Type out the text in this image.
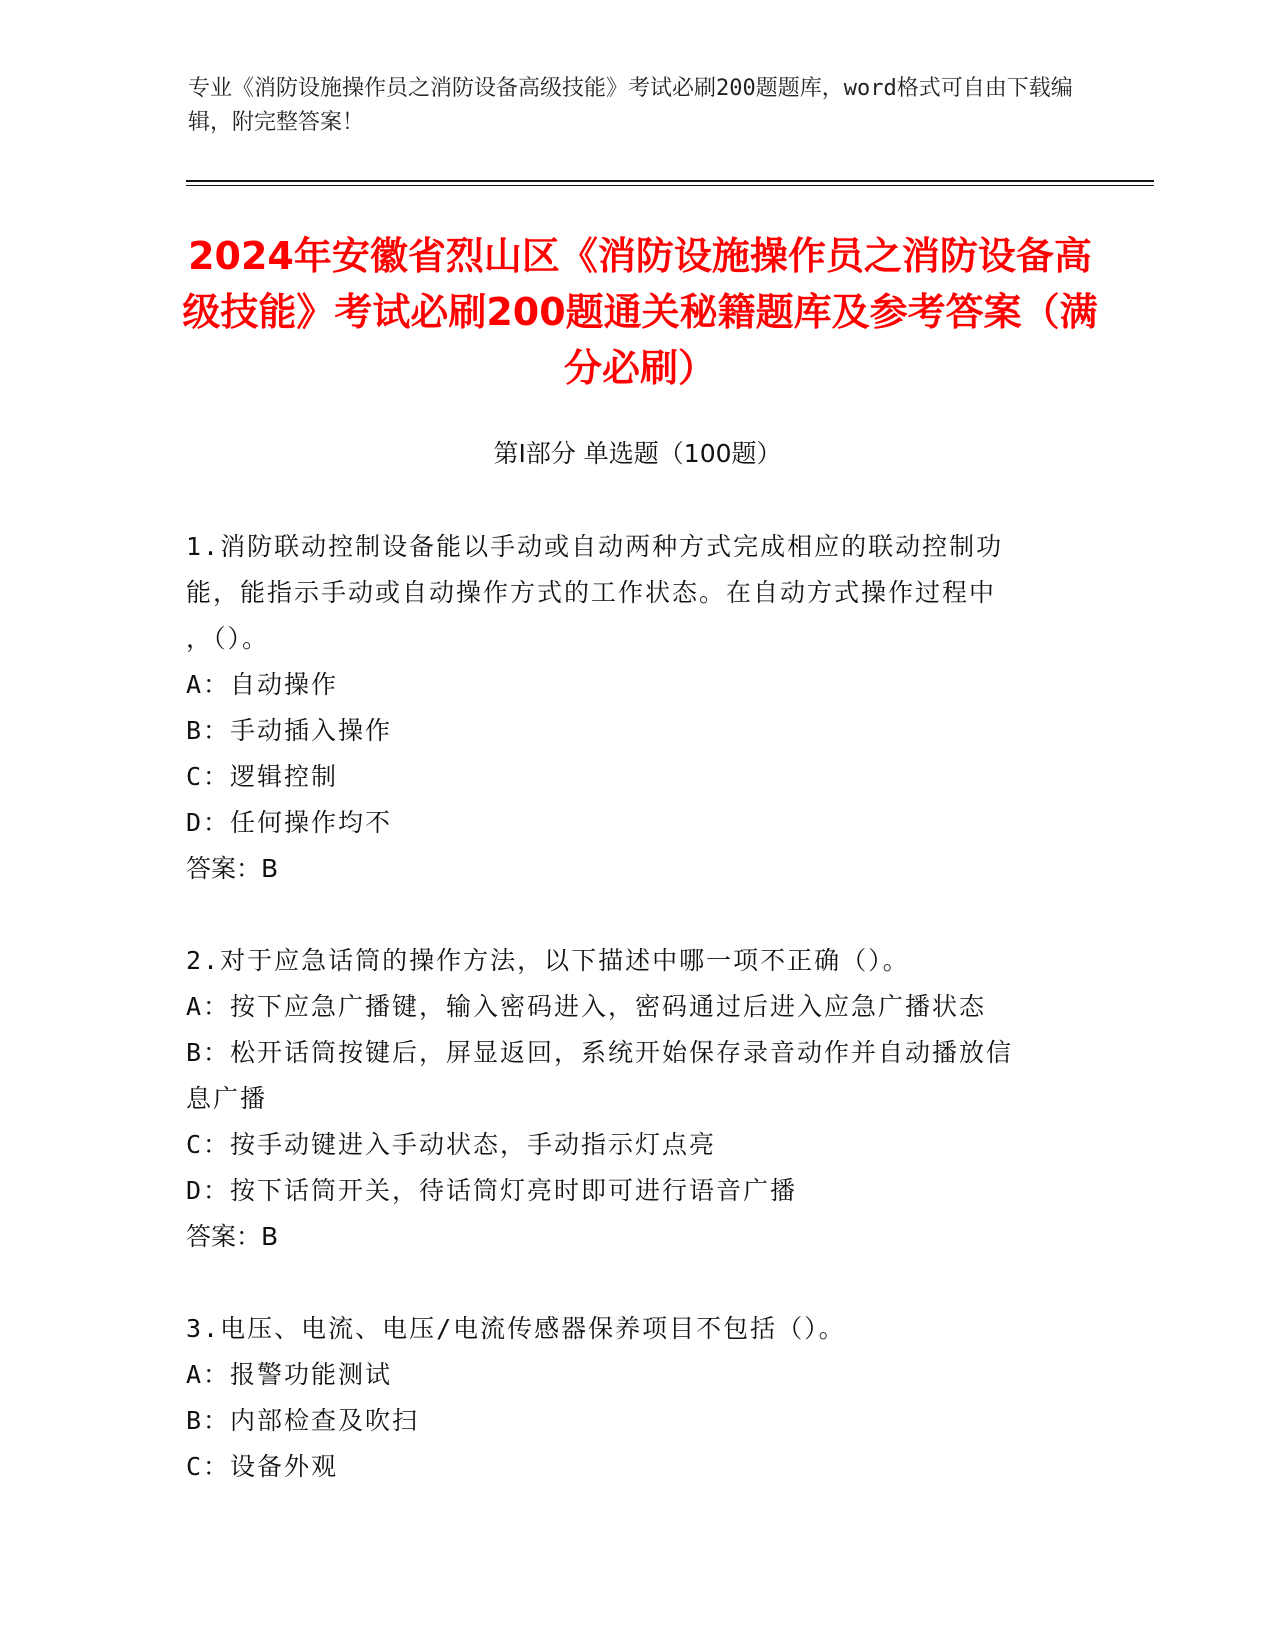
专业《消防设施操作员之消防设备高级技能》考试必刷200题题库，word格式可自由下载编辑，附完整答案！
2024年安徽省烈山区《消防设施操作员之消防设备高级技能》考试必刷200题通关秘籍题库及参考答案（满分必刷）
第I部分 单选题（100题）
1.消防联动控制设备能以手动或自动两种方式完成相应的联动控制功
能，能指示手动或自动操作方式的工作状态。在自动方式操作过程中
，（）。
A：自动操作
B：手动插入操作
C：逻辑控制
D：任何操作均不
答案：B
2.对于应急话筒的操作方法，以下描述中哪一项不正确（）。
A：按下应急广播键，输入密码进入，密码通过后进入应急广播状态
B：松开话筒按键后，屏显返回，系统开始保存录音动作并自动播放信
息广播
C：按手动键进入手动状态，手动指示灯点亮
D：按下话筒开关，待话筒灯亮时即可进行语音广播
答案：B
3.电压、电流、电压/电流传感器保养项目不包括（）。
A：报警功能测试
B：内部检查及吹扫
C：设备外观
